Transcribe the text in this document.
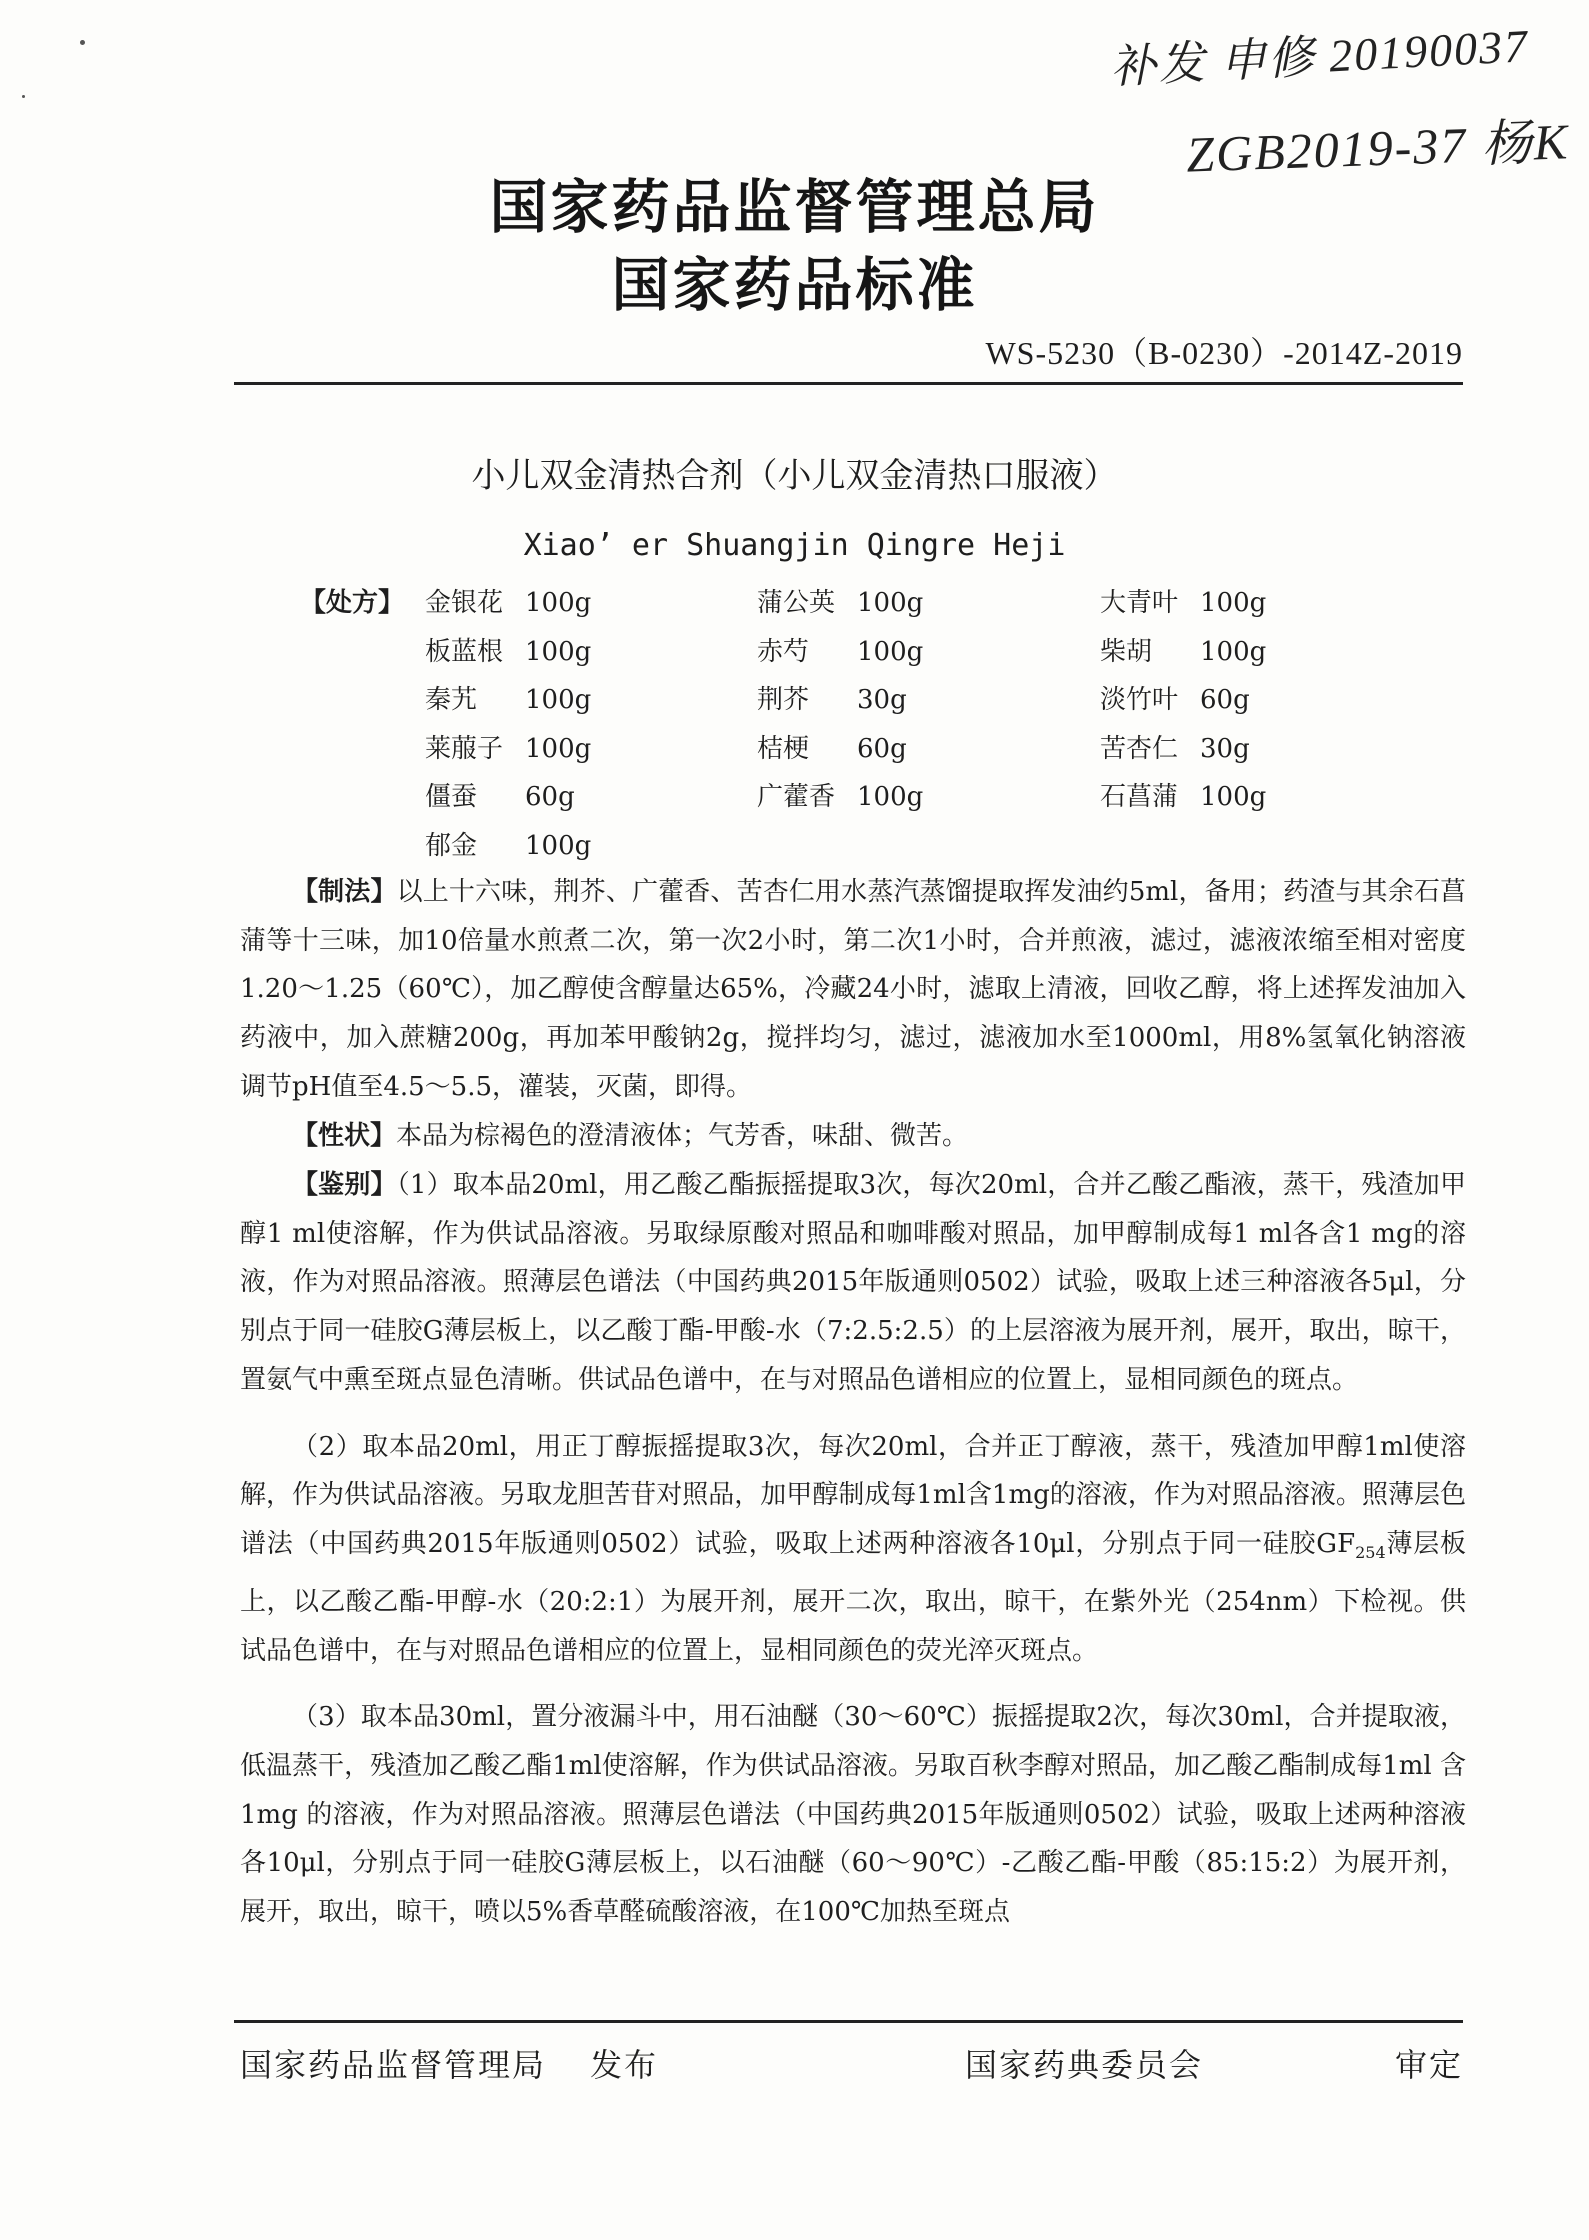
补发 申修 20190037
ZGB2019-37 杨K
国家药品监督管理总局
国家药品标准
WS-5230（B-0230）-2014Z-2019
小儿双金清热合剂（小儿双金清热口服液）
Xiao’ er Shuangjin Qingre Heji
【处方】 金银花 100g	蒲公英 100g	大青叶 100g
板蓝根 100g	赤芍 100g	柴胡 100g
秦艽 100g	荆芥 30g	淡竹叶 60g
莱菔子 100g	桔梗 60g	苦杏仁 30g
僵蚕 60g	广藿香 100g	石菖蒲 100g
郁金 100g

【制法】以上十六味，荆芥、广藿香、苦杏仁用水蒸汽蒸馏提取挥发油约5ml，备用；药渣与其余石菖蒲等十三味，加10倍量水煎煮二次，第一次2小时，第二次1小时，合并煎液，滤过，滤液浓缩至相对密度1.20～1.25（60℃），加乙醇使含醇量达65%，冷藏24小时，滤取上清液，回收乙醇，将上述挥发油加入药液中，加入蔗糖200g，再加苯甲酸钠2g，搅拌均匀，滤过，滤液加水至1000ml，用8%氢氧化钠溶液调节pH值至4.5～5.5，灌装，灭菌，即得。

【性状】本品为棕褐色的澄清液体；气芳香，味甜、微苦。

【鉴别】（1）取本品20ml，用乙酸乙酯振摇提取3次，每次20ml，合并乙酸乙酯液，蒸干，残渣加甲醇1 ml使溶解，作为供试品溶液。另取绿原酸对照品和咖啡酸对照品，加甲醇制成每1 ml各含1 mg的溶液，作为对照品溶液。照薄层色谱法（中国药典2015年版通则0502）试验，吸取上述三种溶液各5μl，分别点于同一硅胶G薄层板上，以乙酸丁酯-甲酸-水（7:2.5:2.5）的上层溶液为展开剂，展开，取出，晾干，置氨气中熏至斑点显色清晰。供试品色谱中，在与对照品色谱相应的位置上，显相同颜色的斑点。

（2）取本品20ml，用正丁醇振摇提取3次，每次20ml，合并正丁醇液，蒸干，残渣加甲醇1ml使溶解，作为供试品溶液。另取龙胆苦苷对照品，加甲醇制成每1ml含1mg的溶液，作为对照品溶液。照薄层色谱法（中国药典2015年版通则0502）试验，吸取上述两种溶液各10μl，分别点于同一硅胶$GF_{254}$薄层板上，以乙酸乙酯-甲醇-水（20:2:1）为展开剂，展开二次，取出，晾干，在紫外光（254nm）下检视。供试品色谱中，在与对照品色谱相应的位置上，显相同颜色的荧光淬灭斑点。

（3）取本品30ml，置分液漏斗中，用石油醚（30～60℃）振摇提取2次，每次30ml，合并提取液，低温蒸干，残渣加乙酸乙酯1ml使溶解，作为供试品溶液。另取百秋李醇对照品，加乙酸乙酯制成每1ml 含1mg 的溶液，作为对照品溶液。照薄层色谱法（中国药典2015年版通则0502）试验，吸取上述两种溶液各10μl，分别点于同一硅胶G薄层板上，以石油醚（60～90℃）-乙酸乙酯-甲酸（85:15:2）为展开剂，展开，取出，晾干，喷以5%香草醛硫酸溶液，在100℃加热至斑点

国家药品监督管理局 发布	国家药典委员会	审定
